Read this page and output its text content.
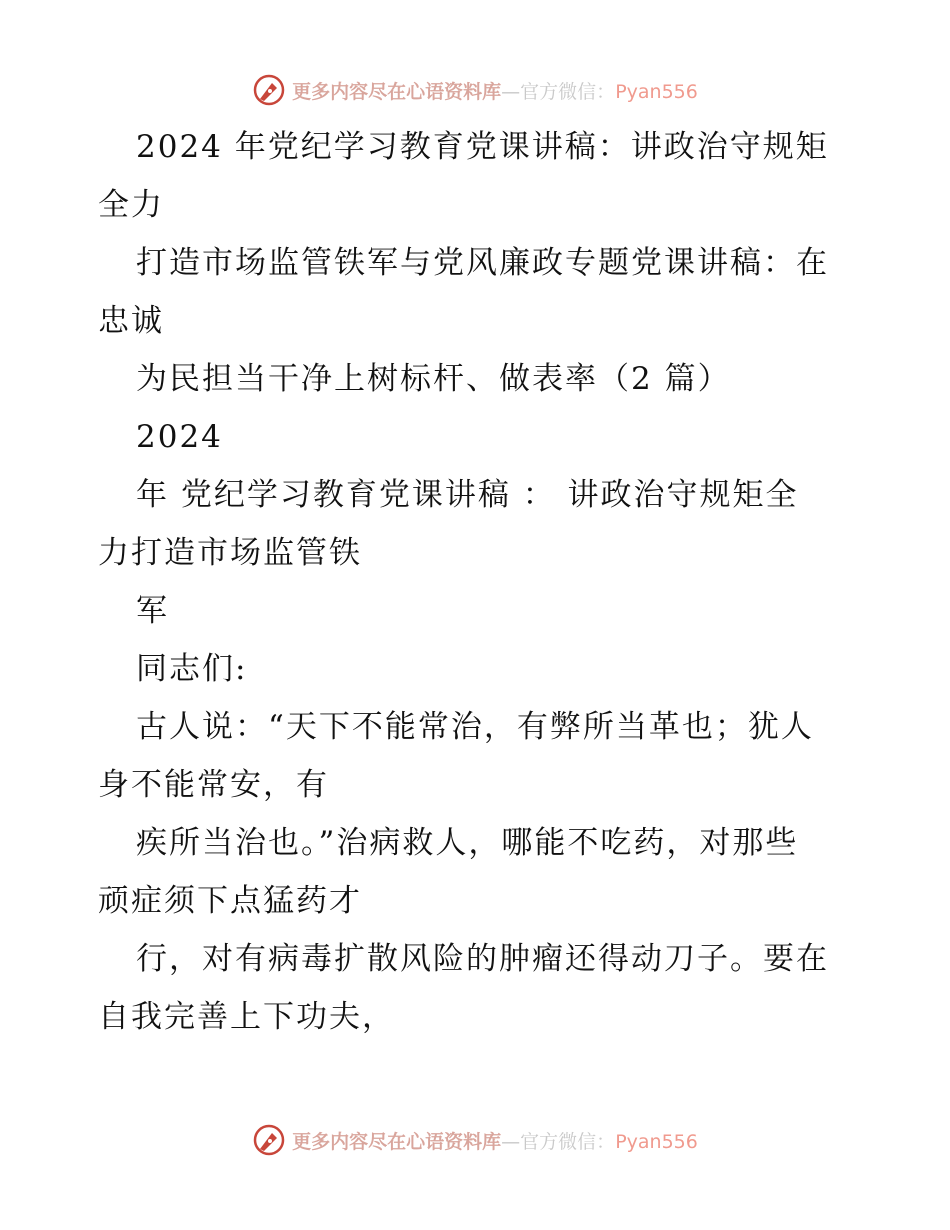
更多内容尽在心语资料库—官方微信：Pyan556
2024 年党纪学习教育党课讲稿：讲政治守规矩
全力
打造市场监管铁军与党风廉政专题党课讲稿：在
忠诚
为民担当干净上树标杆、做表率（2 篇）
2024
年 党纪学习教育党课讲稿 ： 讲政治守规矩全
力打造市场监管铁
军
同志们:
古人说：“天下不能常治，有弊所当革也；犹人
身不能常安，有
疾所当治也。”治病救人，哪能不吃药，对那些
顽症须下点猛药才
行，对有病毒扩散风险的肿瘤还得动刀子。要在
自我完善上下功夫，
更多内容尽在心语资料库—官方微信：Pyan556
